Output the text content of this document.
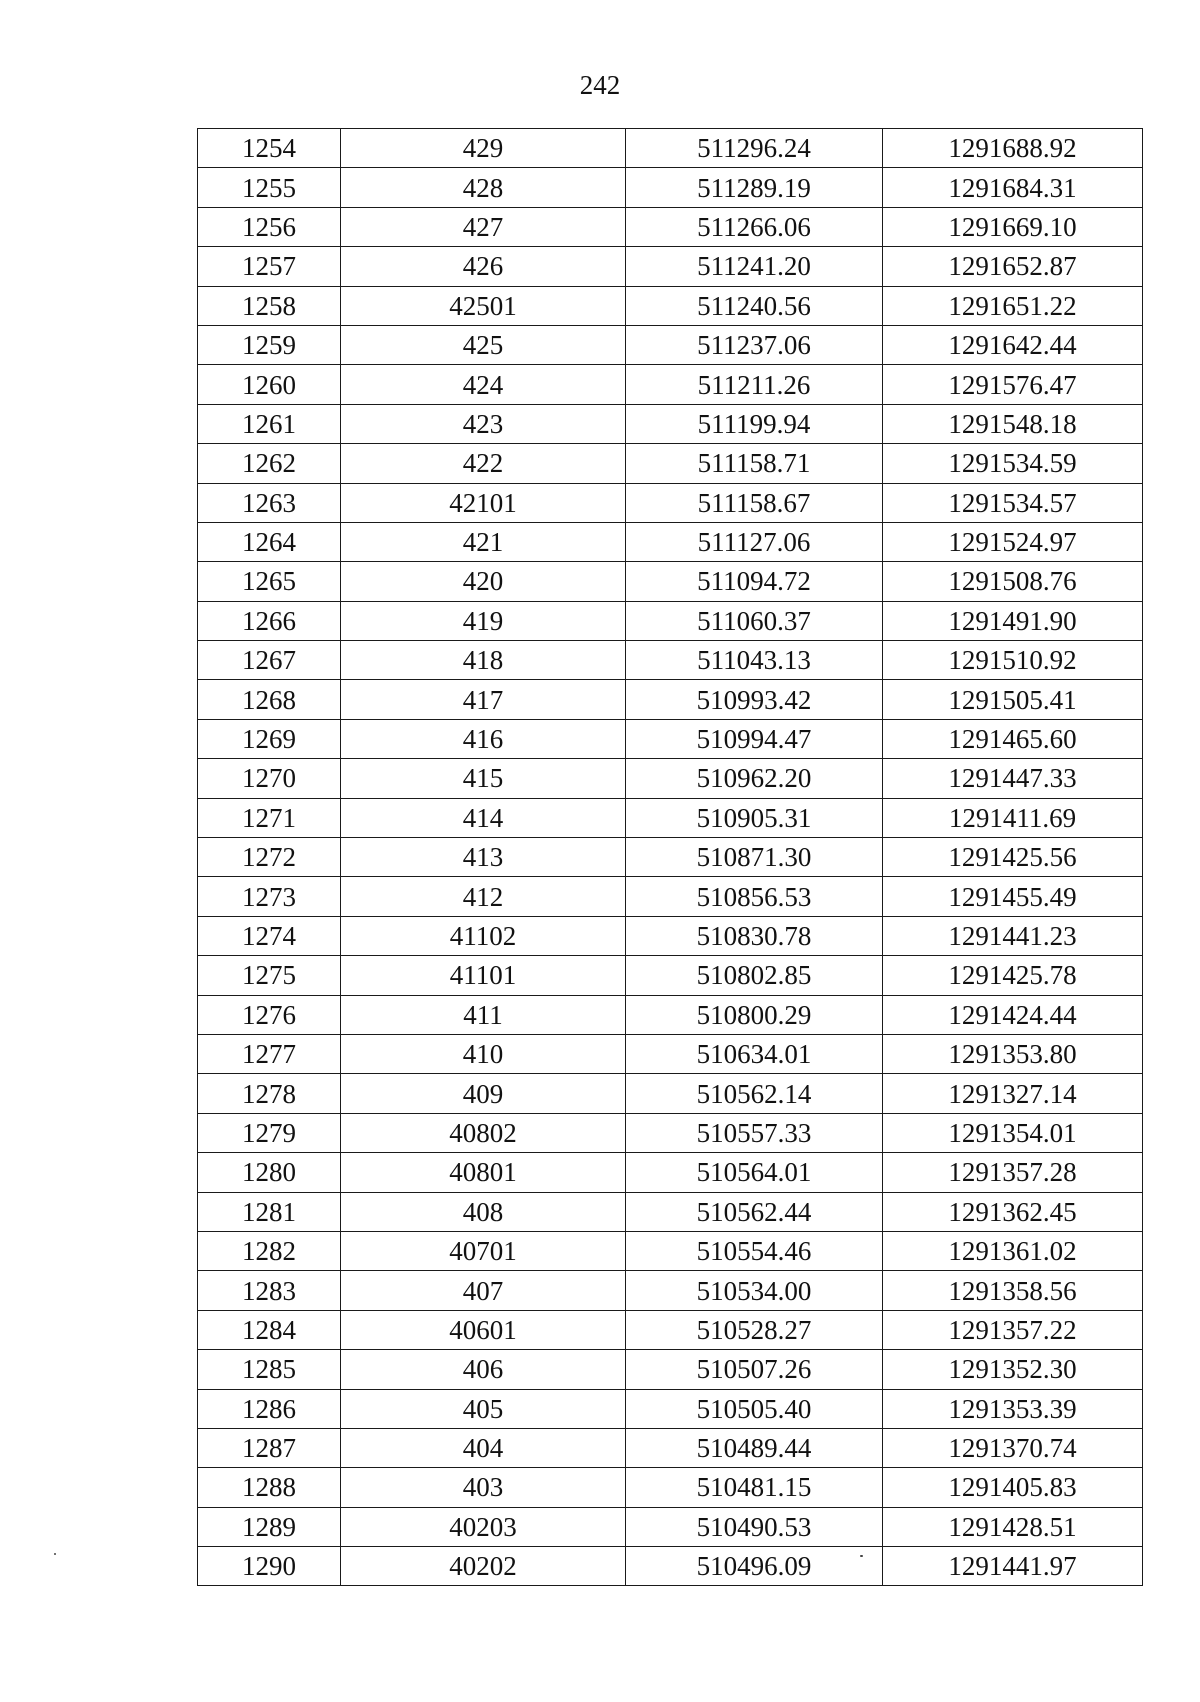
242
1254	429	511296.24	1291688.92
1255	428	511289.19	1291684.31
1256	427	511266.06	1291669.10
1257	426	511241.20	1291652.87
1258	42501	511240.56	1291651.22
1259	425	511237.06	1291642.44
1260	424	511211.26	1291576.47
1261	423	511199.94	1291548.18
1262	422	511158.71	1291534.59
1263	42101	511158.67	1291534.57
1264	421	511127.06	1291524.97
1265	420	511094.72	1291508.76
1266	419	511060.37	1291491.90
1267	418	511043.13	1291510.92
1268	417	510993.42	1291505.41
1269	416	510994.47	1291465.60
1270	415	510962.20	1291447.33
1271	414	510905.31	1291411.69
1272	413	510871.30	1291425.56
1273	412	510856.53	1291455.49
1274	41102	510830.78	1291441.23
1275	41101	510802.85	1291425.78
1276	411	510800.29	1291424.44
1277	410	510634.01	1291353.80
1278	409	510562.14	1291327.14
1279	40802	510557.33	1291354.01
1280	40801	510564.01	1291357.28
1281	408	510562.44	1291362.45
1282	40701	510554.46	1291361.02
1283	407	510534.00	1291358.56
1284	40601	510528.27	1291357.22
1285	406	510507.26	1291352.30
1286	405	510505.40	1291353.39
1287	404	510489.44	1291370.74
1288	403	510481.15	1291405.83
1289	40203	510490.53	1291428.51
1290	40202	510496.09	1291441.97
